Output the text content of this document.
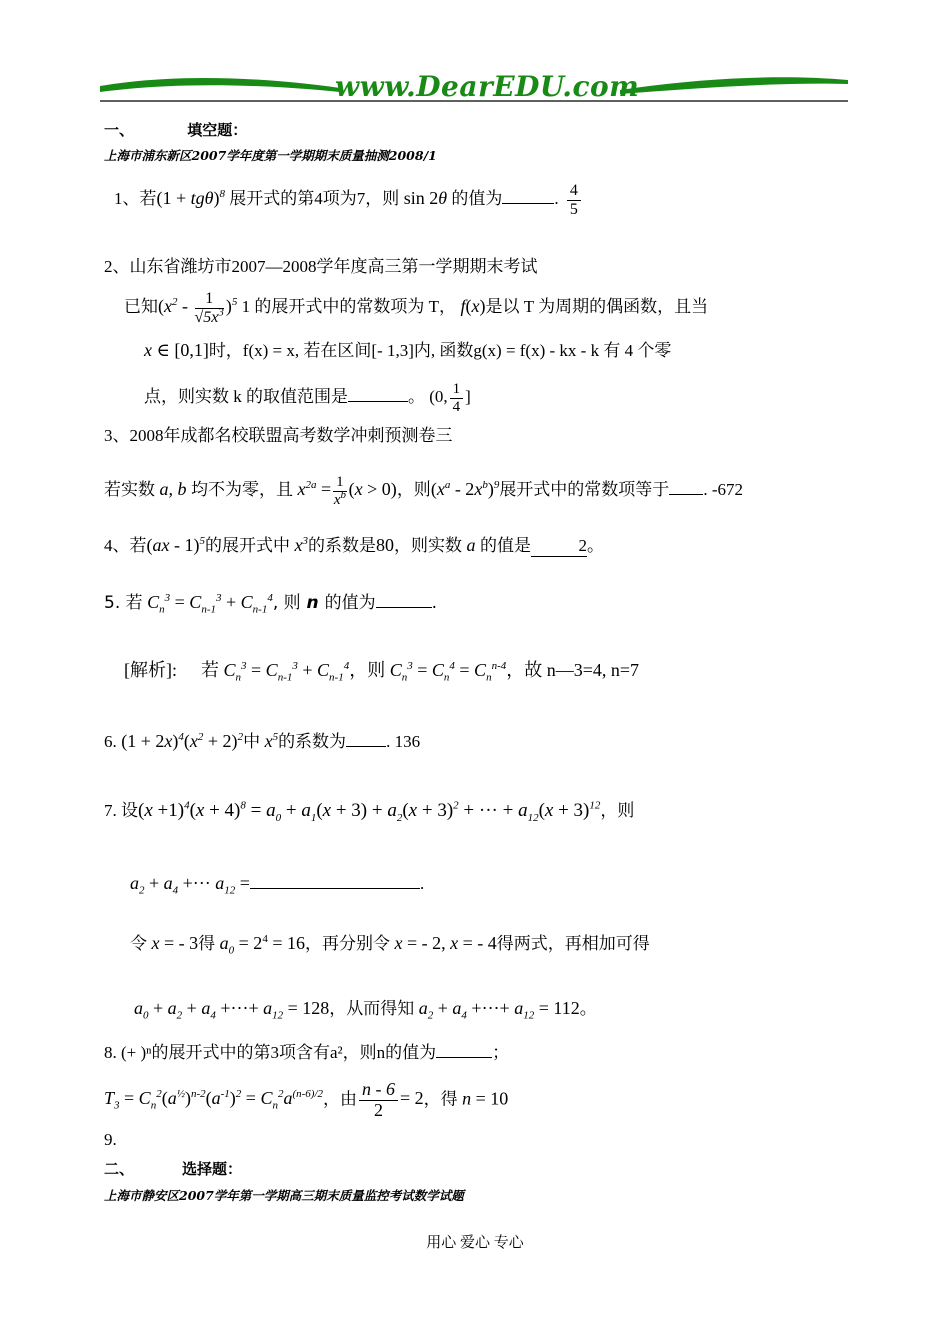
www.DearEDU.com
一、	填空题：
上海市浦东新区2007学年度第一学期期末质量抽测2008/1
1、若$(1 + tg\theta)^8$ 展开式的第4项为7，则 sin 2θ 的值为	. $\frac{4}{5}$
2、山东省潍坊市2007—2008学年度高三第一学期期末考试
已知$(x^2 - \frac{1}{√5x^3} )^5$ 1 的展开式中的常数项为 T， f(x)是以 T 为周期的偶函数，且当
x ∈ [0,1]时，f(x) = x, 若在区间[- 1,3]内, 函数g(x) = f(x) - kx - k 有 4 个零
点，则实数 k 的取值范围是	。 (0, $\frac{1}{4}$ ]
3、2008年成都名校联盟高考数学冲刺预测卷三
若实数 a, b 均不为零，且 $x^{2a} = \frac{1}{x^b} (x > 0)$，则$(x^a - 2x^b)^9$展开式中的常数项等于 . -672
4、若(ax - 1)$^5$的展开式中 $x^3$的系数是80，则实数 a 的值是	2。
5. 若 $C_n^3 = C_{n-1}^3 + C_{n-1}^4$, 则 n 的值为	.
[解析]: 若 $C_n^3 = C_{n-1}^3 + C_{n-1}^4$，则 $C_n^3 = C_n^4 = C_n^{n-4}$，故 n—3=4, n=7
6. $(1 + 2x)^4(x^2 + 2)^2$中 $x^5$的系数为 . 136
7. 设$(x +1)^4(x + 4)^8 = a_0 + a_1(x + 3) + a_2(x + 3)^2$ + ··· + $a_{12}(x + 3)^{12}$，则
$a_2 + a_4$ +··· $a_{12}$ =	.
令 x = - 3得 $a_0 = 2^4 = 16$，再分别令 x = - 2, x = - 4得两式，再相加可得
$a_0 + a_2 + a_4$ +···+ $a_{12} = 128$，从而得知 $a_2 + a_4$ +···+ $a_{12} = 112$。
8. (+ )ⁿ的展开式中的第3项含有a²，则n的值为	；
$T_3 = C_n^2(a^{\frac{1}{2}})^{n-2}(a^{-1})^2 = C_n^2a^{(n-6)/2}$，由 $\frac{n - 6}{2} = 2$，得 n = 10
9.
二、	选择题：
上海市静安区2007学年第一学期高三期末质量监控考试数学试题
用心 爱心 专心
